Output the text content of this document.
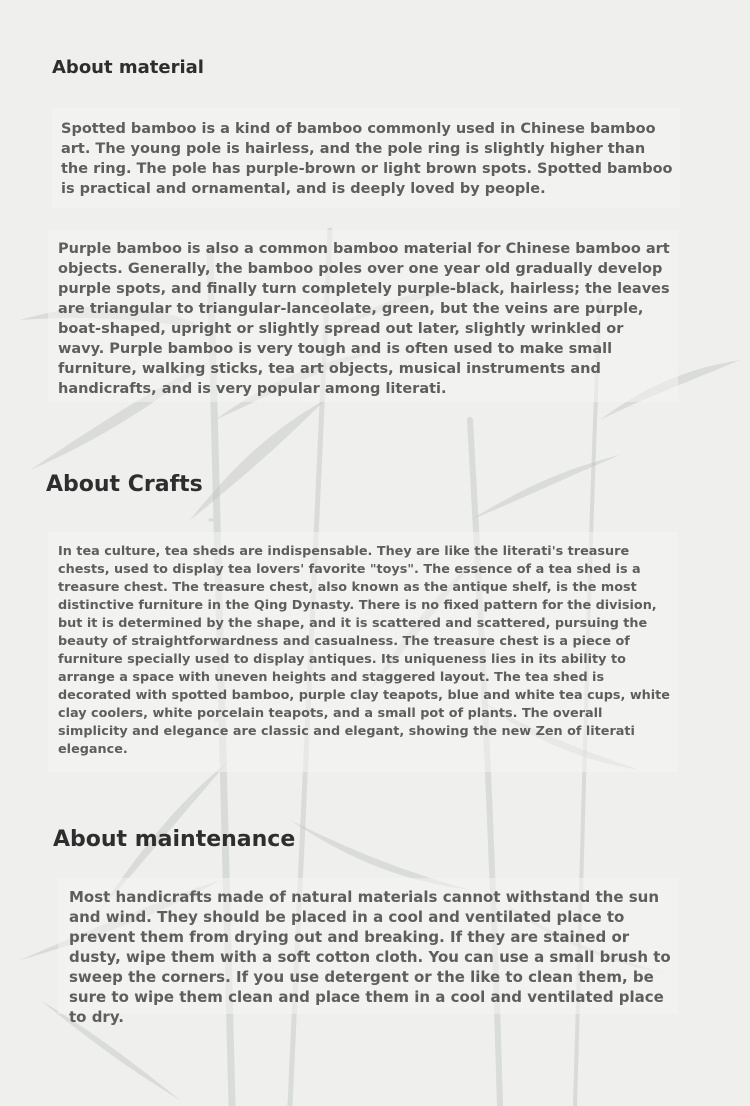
About material

Spotted bamboo is a kind of bamboo commonly used in Chinese bamboo art. The young pole is hairless, and the pole ring is slightly higher than the ring. The pole has purple-brown or light brown spots. Spotted bamboo is practical and ornamental, and is deeply loved by people.

Purple bamboo is also a common bamboo material for Chinese bamboo art objects. Generally, the bamboo poles over one year old gradually develop purple spots, and finally turn completely purple-black, hairless; the leaves are triangular to triangular-lanceolate, green, but the veins are purple, boat-shaped, upright or slightly spread out later, slightly wrinkled or wavy. Purple bamboo is very tough and is often used to make small furniture, walking sticks, tea art objects, musical instruments and handicrafts, and is very popular among literati.

About Crafts

In tea culture, tea sheds are indispensable. They are like the literati's treasure chests, used to display tea lovers' favorite "toys". The essence of a tea shed is a treasure chest. The treasure chest, also known as the antique shelf, is the most distinctive furniture in the Qing Dynasty. There is no fixed pattern for the division, but it is determined by the shape, and it is scattered and scattered, pursuing the beauty of straightforwardness and casualness. The treasure chest is a piece of furniture specially used to display antiques. Its uniqueness lies in its ability to arrange a space with uneven heights and staggered layout. The tea shed is decorated with spotted bamboo, purple clay teapots, blue and white tea cups, white clay coolers, white porcelain teapots, and a small pot of plants. The overall simplicity and elegance are classic and elegant, showing the new Zen of literati elegance.

About maintenance

Most handicrafts made of natural materials cannot withstand the sun and wind. They should be placed in a cool and ventilated place to prevent them from drying out and breaking. If they are stained or dusty, wipe them with a soft cotton cloth. You can use a small brush to sweep the corners. If you use detergent or the like to clean them, be sure to wipe them clean and place them in a cool and ventilated place to dry.
